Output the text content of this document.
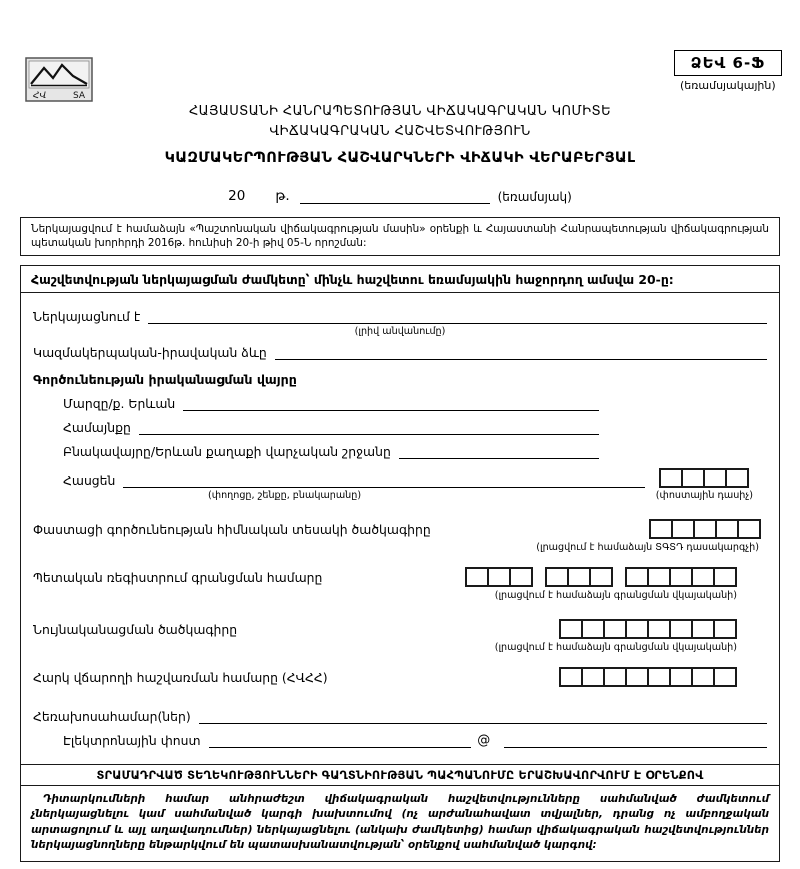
ՀՎ	SA
ՁԵՎ 6-Ֆ
(եռամսյակային)
ՀԱՅԱՍՏԱՆԻ ՀԱՆՐԱՊԵՏՈՒԹՅԱՆ ՎԻՃԱԿԱԳՐԱԿԱՆ ԿՈՄԻՏԵ
ՎԻՃԱԿԱԳՐԱԿԱՆ ՀԱՇՎԵՏՎՈՒԹՅՈՒՆ
ԿԱԶՄԱԿԵՐՊՈՒԹՅԱՆ ՀԱՇՎԱՐԿՆԵՐԻ ՎԻՃԱԿԻ ՎԵՐԱԲԵՐՅԱԼ
20 թ.	(եռամսյակ)
Ներկայացվում է համաձայն «Պաշտոնական վիճակագրության մասին» օրենքի և Հայաստանի Հանրապետության վիճակագրության պետական խորհրդի 2016թ. հունիսի 20-ի թիվ 05-Ն որոշման:
Հաշվետվության ներկայացման ժամկետը՝ մինչև հաշվետու եռամսյակին հաջորդող ամսվա 20-ը:
Ներկայացնում է
(լրիվ անվանումը)
Կազմակերպական-իրավական ձևը
Գործունեության իրականացման վայրը
Մարզը/ք. Երևան
Համայնքը
Բնակավայրը/Երևան քաղաքի վարչական շրջանը
Հասցեն
(փողոցը, շենքը, բնակարանը)	(փոստային դասիչ)
Փաստացի գործունեության հիմնական տեսակի ծածկագիրը
(լրացվում է համաձայն ՏԳՏԴ դասակարգչի)
Պետական ռեգիստրում գրանցման համարը
(լրացվում է համաձայն գրանցման վկայականի)
Նույնականացման ծածկագիրը
(լրացվում է համաձայն գրանցման վկայականի)
Հարկ վճարողի հաշվառման համարը (ՀՎՀՀ)
Հեռախոսահամար(ներ)
Էլեկտրոնային փոստ	@
ՏՐԱՄԱԴՐՎԱԾ ՏԵՂԵԿՈՒԹՅՈՒՆՆԵՐԻ ԳԱՂՏՆԻՈՒԹՅԱՆ ՊԱՀՊԱՆՈՒՄԸ ԵՐԱՇԽԱՎՈՐՎՈՒՄ Է ՕՐԵՆՔՈՎ
Դիտարկումների համար անհրաժեշտ վիճակագրական հաշվետվությունները սահմանված ժամկետում չներկայացնելու կամ սահմանված կարգի խախտումով (ոչ արժանահավատ տվյալներ, դրանց ոչ ամբողջական արտացոլում և այլ աղավաղումներ) ներկայացնելու (անկախ ժամկետից) համար վիճակագրական հաշվետվություններ ներկայացնողները ենթարկվում են պատասխանատվության՝ օրենքով սահմանված կարգով:
